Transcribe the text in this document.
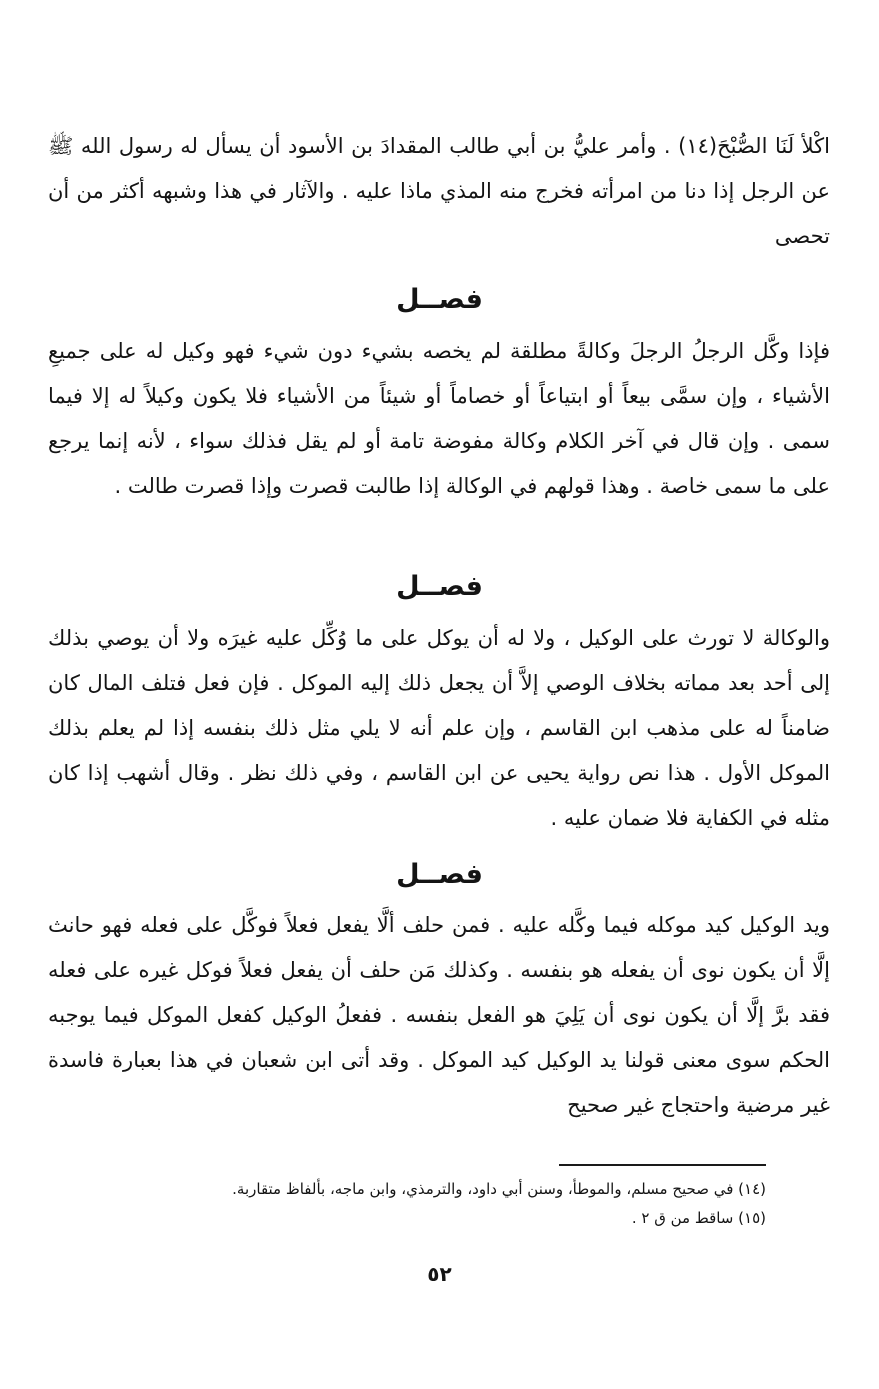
اكْلأ لَنَا الصُّبْحَ(١٤) . وأمر عليُّ بن أبي طالب المقدادَ بن الأسود أن يسأل له رسول الله ﷺ عن الرجل إذا دنا من امرأته فخرج منه المذي ماذا عليه . والآثار في هذا وشبهه أكثر من أن تحصى

فصــل

فإذا وكَّل الرجلُ الرجلَ وكالةً مطلقة لم يخصه بشيء دون شيء فهو وكيل له على جميعِ الأشياء ، وإن سمَّى بيعاً أو ابتياعاً أو خصاماً أو شيئاً من الأشياء فلا يكون وكيلاً له إلا فيما سمى . وإن قال في آخر الكلام وكالة مفوضة تامة أو لم يقل فذلك سواء ، لأنه إنما يرجع على ما سمى خاصة . وهذا قولهم في الوكالة إذا طالبت قصرت وإذا قصرت طالت .

فصــل

والوكالة لا تورث على الوكيل ، ولا له أن يوكل على ما وُكِّل عليه غيرَه ولا أن يوصي بذلك إلى أحد بعد مماته بخلاف الوصي إلاَّ أن يجعل ذلك إليه الموكل . فإن فعل فتلف المال كان ضامناً له على مذهب ابن القاسم ، وإن علم أنه لا يلي مثل ذلك بنفسه إذا لم يعلم بذلك الموكل الأول . هذا نص رواية يحيى عن ابن القاسم ، وفي ذلك نظر . وقال أشهب إذا كان مثله في الكفاية فلا ضمان عليه .

فصــل

ويد الوكيل كيد موكله فيما وكَّله عليه . فمن حلف ألَّا يفعل فعلاً فوكَّل على فعله فهو حانث إلَّا أن يكون نوى أن يفعله هو بنفسه . وكذلك مَن حلف أن يفعل فعلاً فوكل غيره على فعله فقد برَّ إلَّا أن يكون نوى أن يَلِيَ هو الفعل بنفسه . ففعلُ الوكيل كفعل الموكل فيما يوجبه الحكم سوى معنى قولنا يد الوكيل كيد الموكل . وقد أتى ابن شعبان في هذا بعبارة فاسدة غير مرضية واحتجاج غير صحيح

(١٤) في صحيح مسلم، والموطأ، وسنن أبي داود، والترمذي، وابن ماجه، بألفاظ متقاربة.

(١٥) ساقط من ق ٢ .

٥٢
